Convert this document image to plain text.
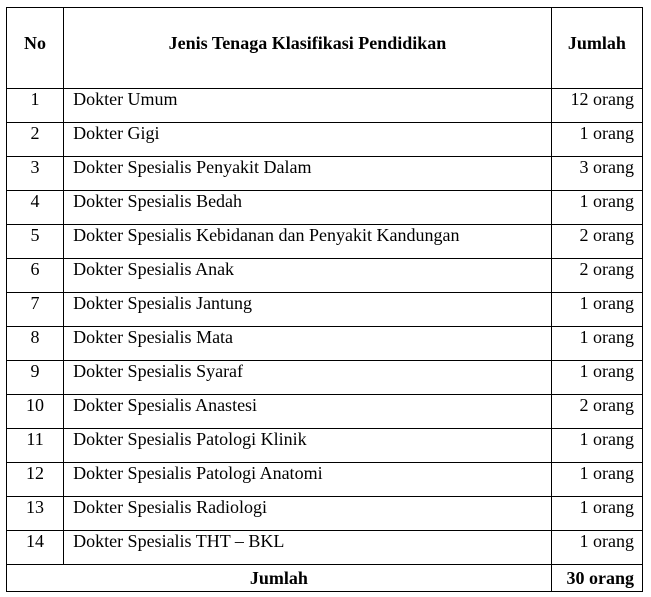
No	Jenis Tenaga Klasifikasi Pendidikan	Jumlah
1	Dokter Umum	12 orang
2	Dokter Gigi	1 orang
3	Dokter Spesialis Penyakit Dalam	3 orang
4	Dokter Spesialis Bedah	1 orang
5	Dokter Spesialis Kebidanan dan Penyakit Kandungan	2 orang
6	Dokter Spesialis Anak	2 orang
7	Dokter Spesialis Jantung	1 orang
8	Dokter Spesialis Mata	1 orang
9	Dokter Spesialis Syaraf	1 orang
10	Dokter Spesialis Anastesi	2 orang
11	Dokter Spesialis Patologi Klinik	1 orang
12	Dokter Spesialis Patologi Anatomi	1 orang
13	Dokter Spesialis Radiologi	1 orang
14	Dokter Spesialis THT – BKL	1 orang
Jumlah		30 orang
